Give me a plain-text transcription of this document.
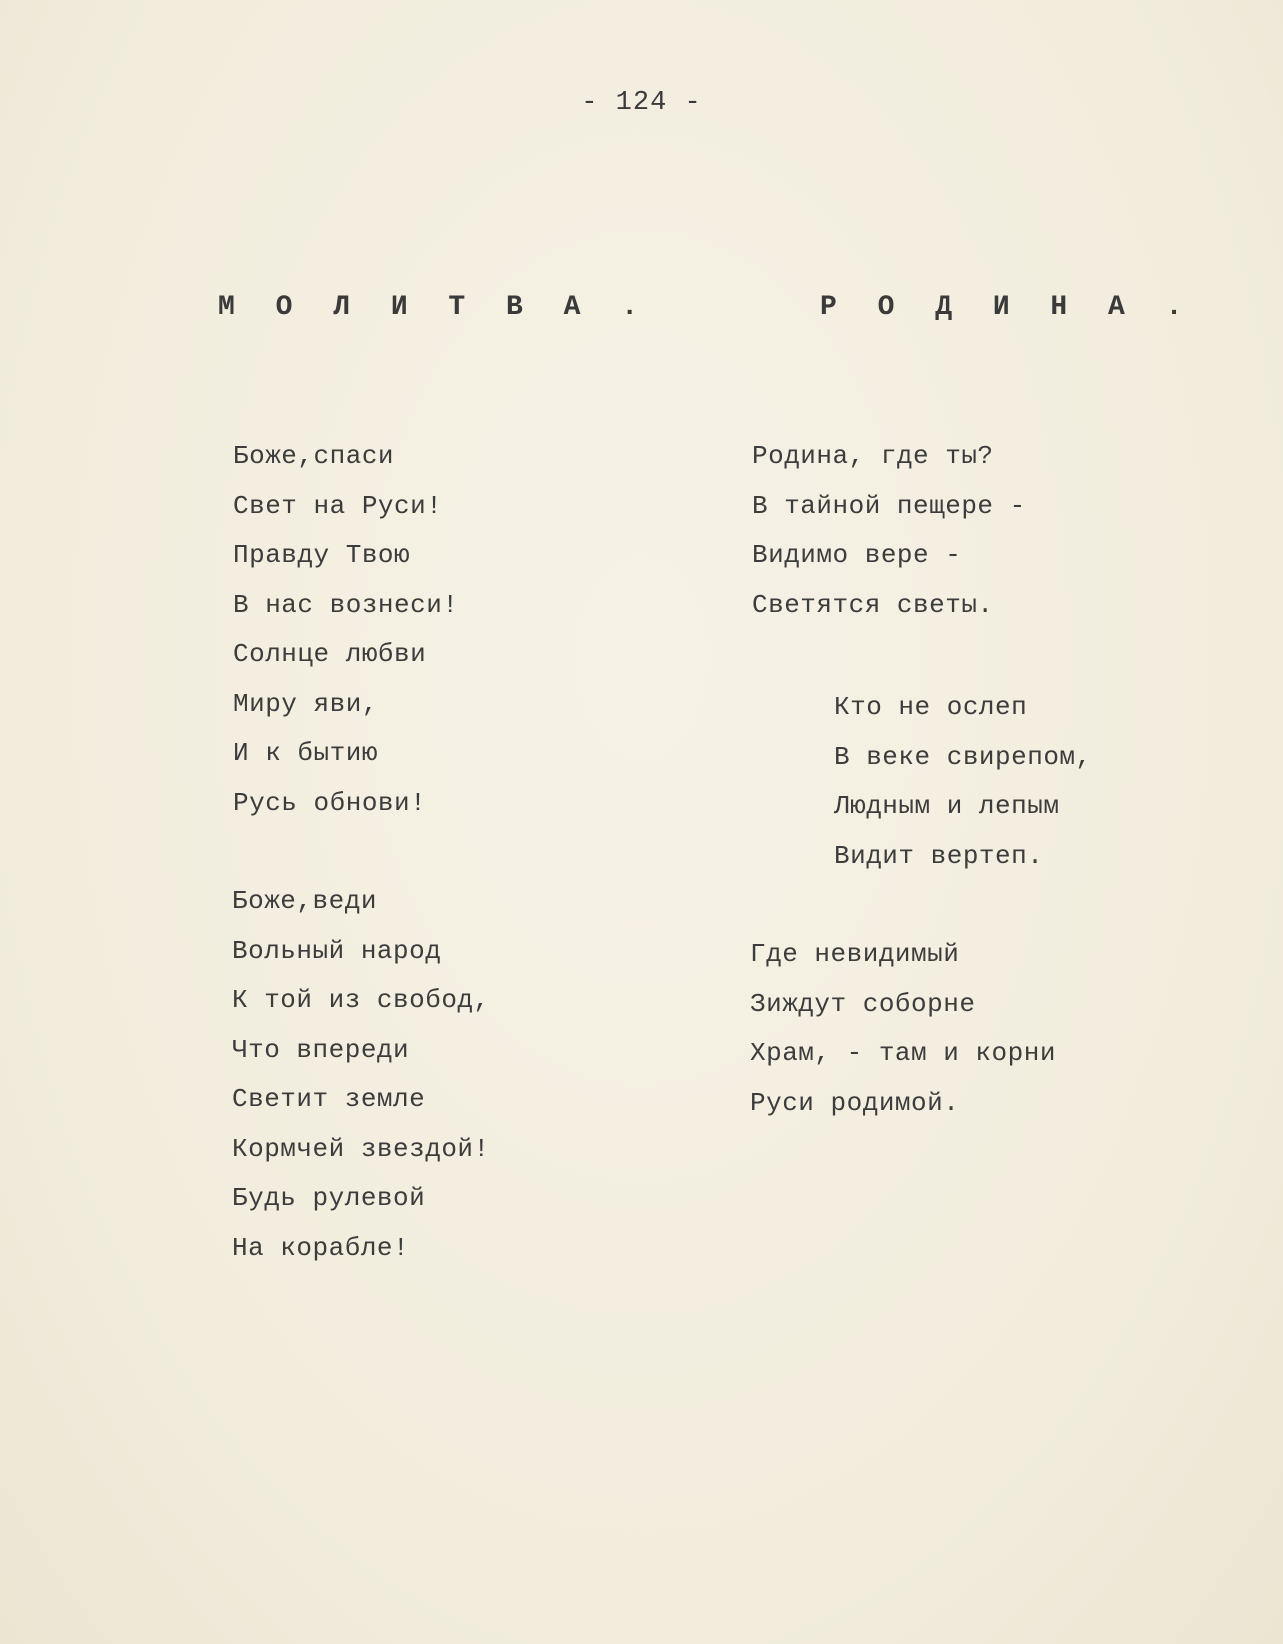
- 124 -
М О Л И Т В А .	Р О Д И Н А .
Боже,спаси
Свет на Руси!
Правду Твою
В нас вознеси!
Солнце любви
Миру яви,
И к бытию
Русь обнови!
Боже,веди
Вольный народ
К той из свобод,
Что впереди
Светит земле
Кормчей звездой!
Будь рулевой
На корабле!
Родина, где ты?
В тайной пещере -
Видимо вере -
Светятся светы.
Кто не ослеп
В веке свирепом,
Людным и лепым
Видит вертеп.
Где невидимый
Зиждут соборне
Храм, - там и корни
Руси родимой.
